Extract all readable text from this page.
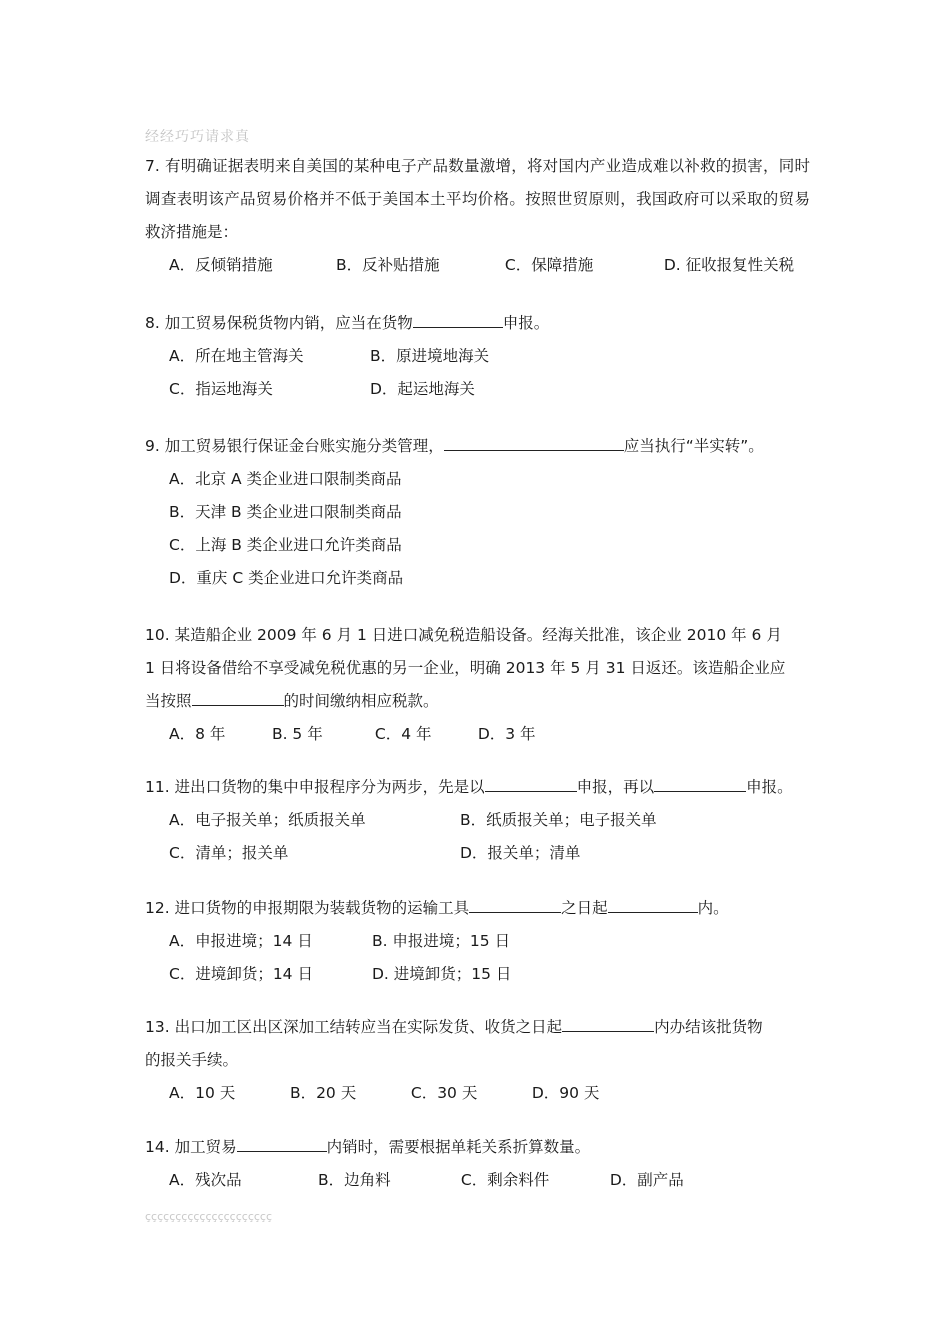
经经巧巧请求真
7. 有明确证据表明来自美国的某种电子产品数量激增，将对国内产业造成难以补救的损害，同时调查表明该产品贸易价格并不低于美国本土平均价格。按照世贸原则，我国政府可以采取的贸易救济措施是：
A．反倾销措施	B．反补贴措施	C．保障措施	D. 征收报复性关税
8. 加工贸易保税货物内销，应当在货物	申报。
A．所在地主管海关	B．原进境地海关
C．指运地海关	D．起运地海关
9. 加工贸易银行保证金台账实施分类管理，	应当执行“半实转”。
A．北京 A 类企业进口限制类商品
B．天津 B 类企业进口限制类商品
C．上海 B 类企业进口允许类商品
D．重庆 C 类企业进口允许类商品
10. 某造船企业 2009 年 6 月 1 日进口减免税造船设备。经海关批准，该企业 2010 年 6 月
1 日将设备借给不享受减免税优惠的另一企业，明确 2013 年 5 月 31 日返还。该造船企业应
当按照	的时间缴纳相应税款。
A．8 年	B. 5 年	C．4 年	D．3 年
11. 进出口货物的集中申报程序分为两步，先是以	申报，再以	申报。
A．电子报关单；纸质报关单	B．纸质报关单；电子报关单
C．清单；报关单	D．报关单；清单
12. 进口货物的申报期限为装载货物的运输工具	之日起	内。
A．申报进境；14 日	B. 申报进境；15 日
C．进境卸货；14 日	D. 进境卸货；15 日
13. 出口加工区出区深加工结转应当在实际发货、收货之日起	内办结该批货物
的报关手续。
A．10 天	B．20 天	C．30 天	D．90 天
14. 加工贸易	内销时，需要根据单耗关系折算数量。
A．残次品	B．边角料	C．剩余料件	D．副产品
ççççççççççççççççççççç
